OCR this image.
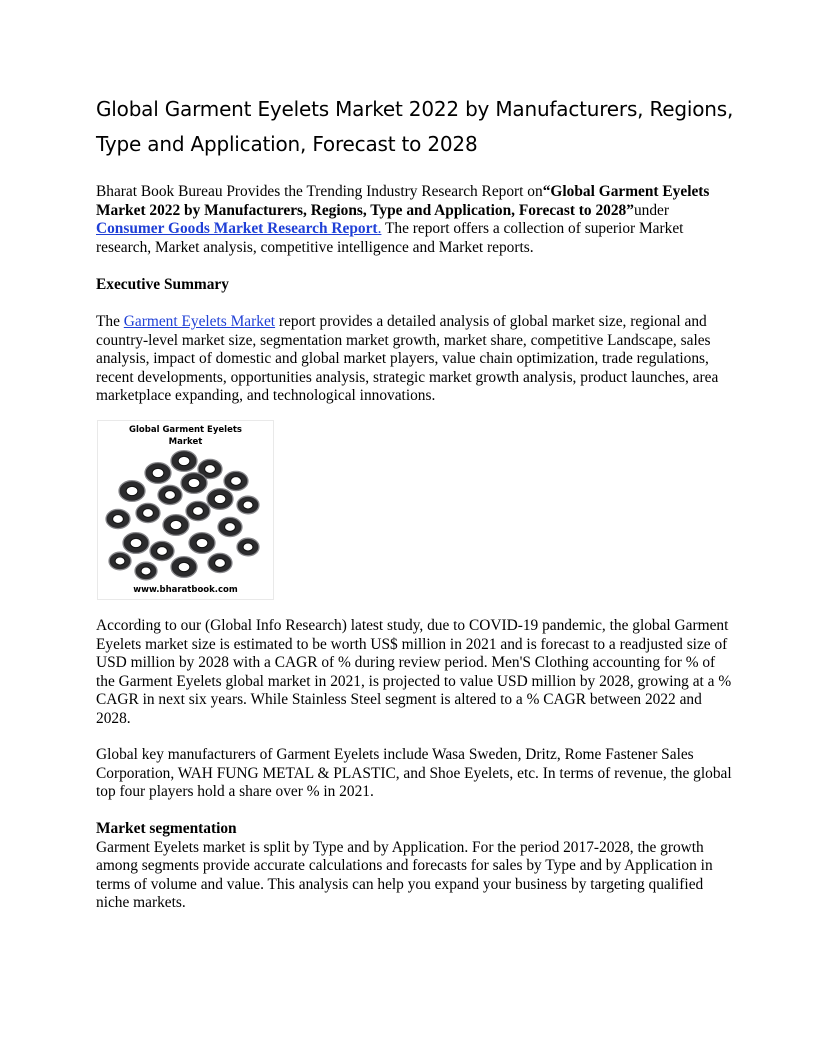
Global Garment Eyelets Market 2022 by Manufacturers, Regions, Type and Application, Forecast to 2028

Bharat Book Bureau Provides the Trending Industry Research Report on“Global Garment Eyelets Market 2022 by Manufacturers, Regions, Type and Application, Forecast to 2028”under Consumer Goods Market Research Report. The report offers a collection of superior Market research, Market analysis, competitive intelligence and Market reports.

Executive Summary

The Garment Eyelets Market report provides a detailed analysis of global market size, regional and country-level market size, segmentation market growth, market share, competitive Landscape, sales analysis, impact of domestic and global market players, value chain optimization, trade regulations, recent developments, opportunities analysis, strategic market growth analysis, product launches, area marketplace expanding, and technological innovations.

Global Garment Eyelets
Market
www.bharatbook.com

According to our (Global Info Research) latest study, due to COVID-19 pandemic, the global Garment Eyelets market size is estimated to be worth US$ million in 2021 and is forecast to a readjusted size of USD million by 2028 with a CAGR of % during review period. Men'S Clothing accounting for % of the Garment Eyelets global market in 2021, is projected to value USD million by 2028, growing at a % CAGR in next six years. While Stainless Steel segment is altered to a % CAGR between 2022 and 2028.

Global key manufacturers of Garment Eyelets include Wasa Sweden, Dritz, Rome Fastener Sales Corporation, WAH FUNG METAL & PLASTIC, and Shoe Eyelets, etc. In terms of revenue, the global top four players hold a share over % in 2021.

Market segmentation
Garment Eyelets market is split by Type and by Application. For the period 2017-2028, the growth among segments provide accurate calculations and forecasts for sales by Type and by Application in terms of volume and value. This analysis can help you expand your business by targeting qualified niche markets.
